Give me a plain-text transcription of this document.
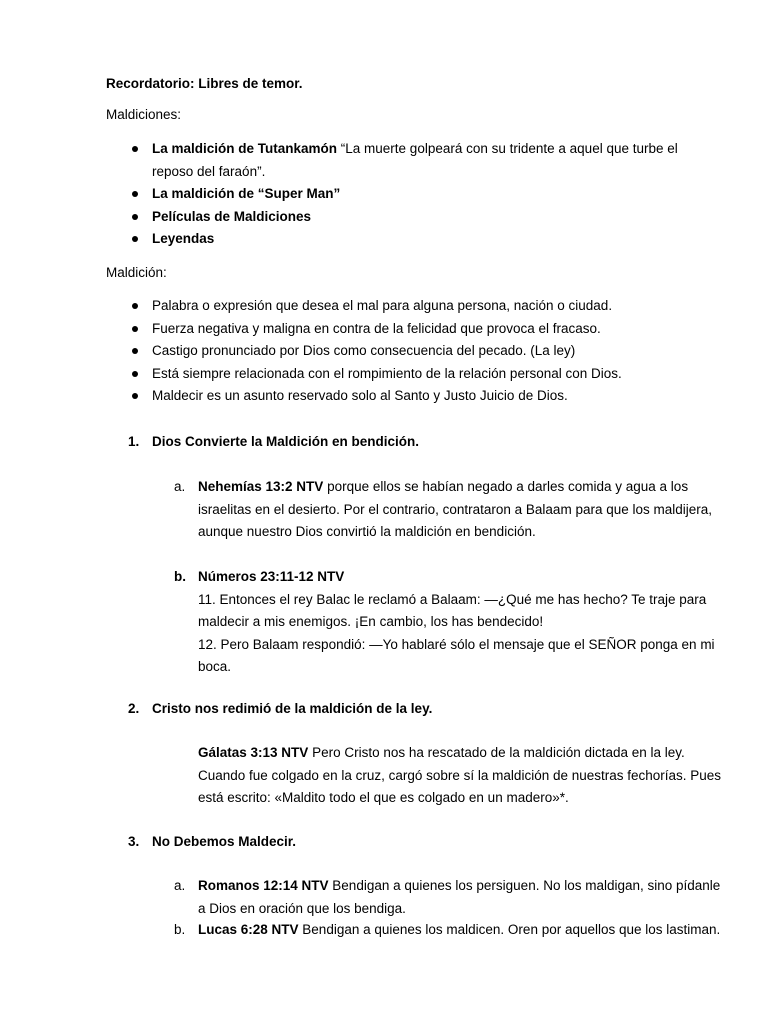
Recordatorio: Libres de temor.
Maldiciones:
La maldición de Tutankamón “La muerte golpeará con su tridente a aquel que turbe el reposo del faraón”.
La maldición de “Super Man”
Películas de Maldiciones
Leyendas
Maldición:
Palabra o expresión que desea el mal para alguna persona, nación o ciudad.
Fuerza negativa y maligna en contra de la felicidad que provoca el fracaso.
Castigo pronunciado por Dios como consecuencia del pecado. (La ley)
Está siempre relacionada con el rompimiento de la relación personal con Dios.
Maldecir es un asunto reservado solo al Santo y Justo Juicio de Dios.
1. Dios Convierte la Maldición en bendición.
a. Nehemías 13:2 NTV porque ellos se habían negado a darles comida y agua a los israelitas en el desierto. Por el contrario, contrataron a Balaam para que los maldijera, aunque nuestro Dios convirtió la maldición en bendición.
b. Números 23:11-12 NTV
11. Entonces el rey Balac le reclamó a Balaam: —¿Qué me has hecho? Te traje para maldecir a mis enemigos. ¡En cambio, los has bendecido!
12. Pero Balaam respondió: —Yo hablaré sólo el mensaje que el SEÑOR ponga en mi boca.
2. Cristo nos redimió de la maldición de la ley.
Gálatas 3:13 NTV Pero Cristo nos ha rescatado de la maldición dictada en la ley. Cuando fue colgado en la cruz, cargó sobre sí la maldición de nuestras fechorías. Pues está escrito: «Maldito todo el que es colgado en un madero»*.
3. No Debemos Maldecir.
a. Romanos 12:14 NTV Bendigan a quienes los persiguen. No los maldigan, sino pídanle a Dios en oración que los bendiga.
b. Lucas 6:28 NTV Bendigan a quienes los maldicen. Oren por aquellos que los lastiman.
